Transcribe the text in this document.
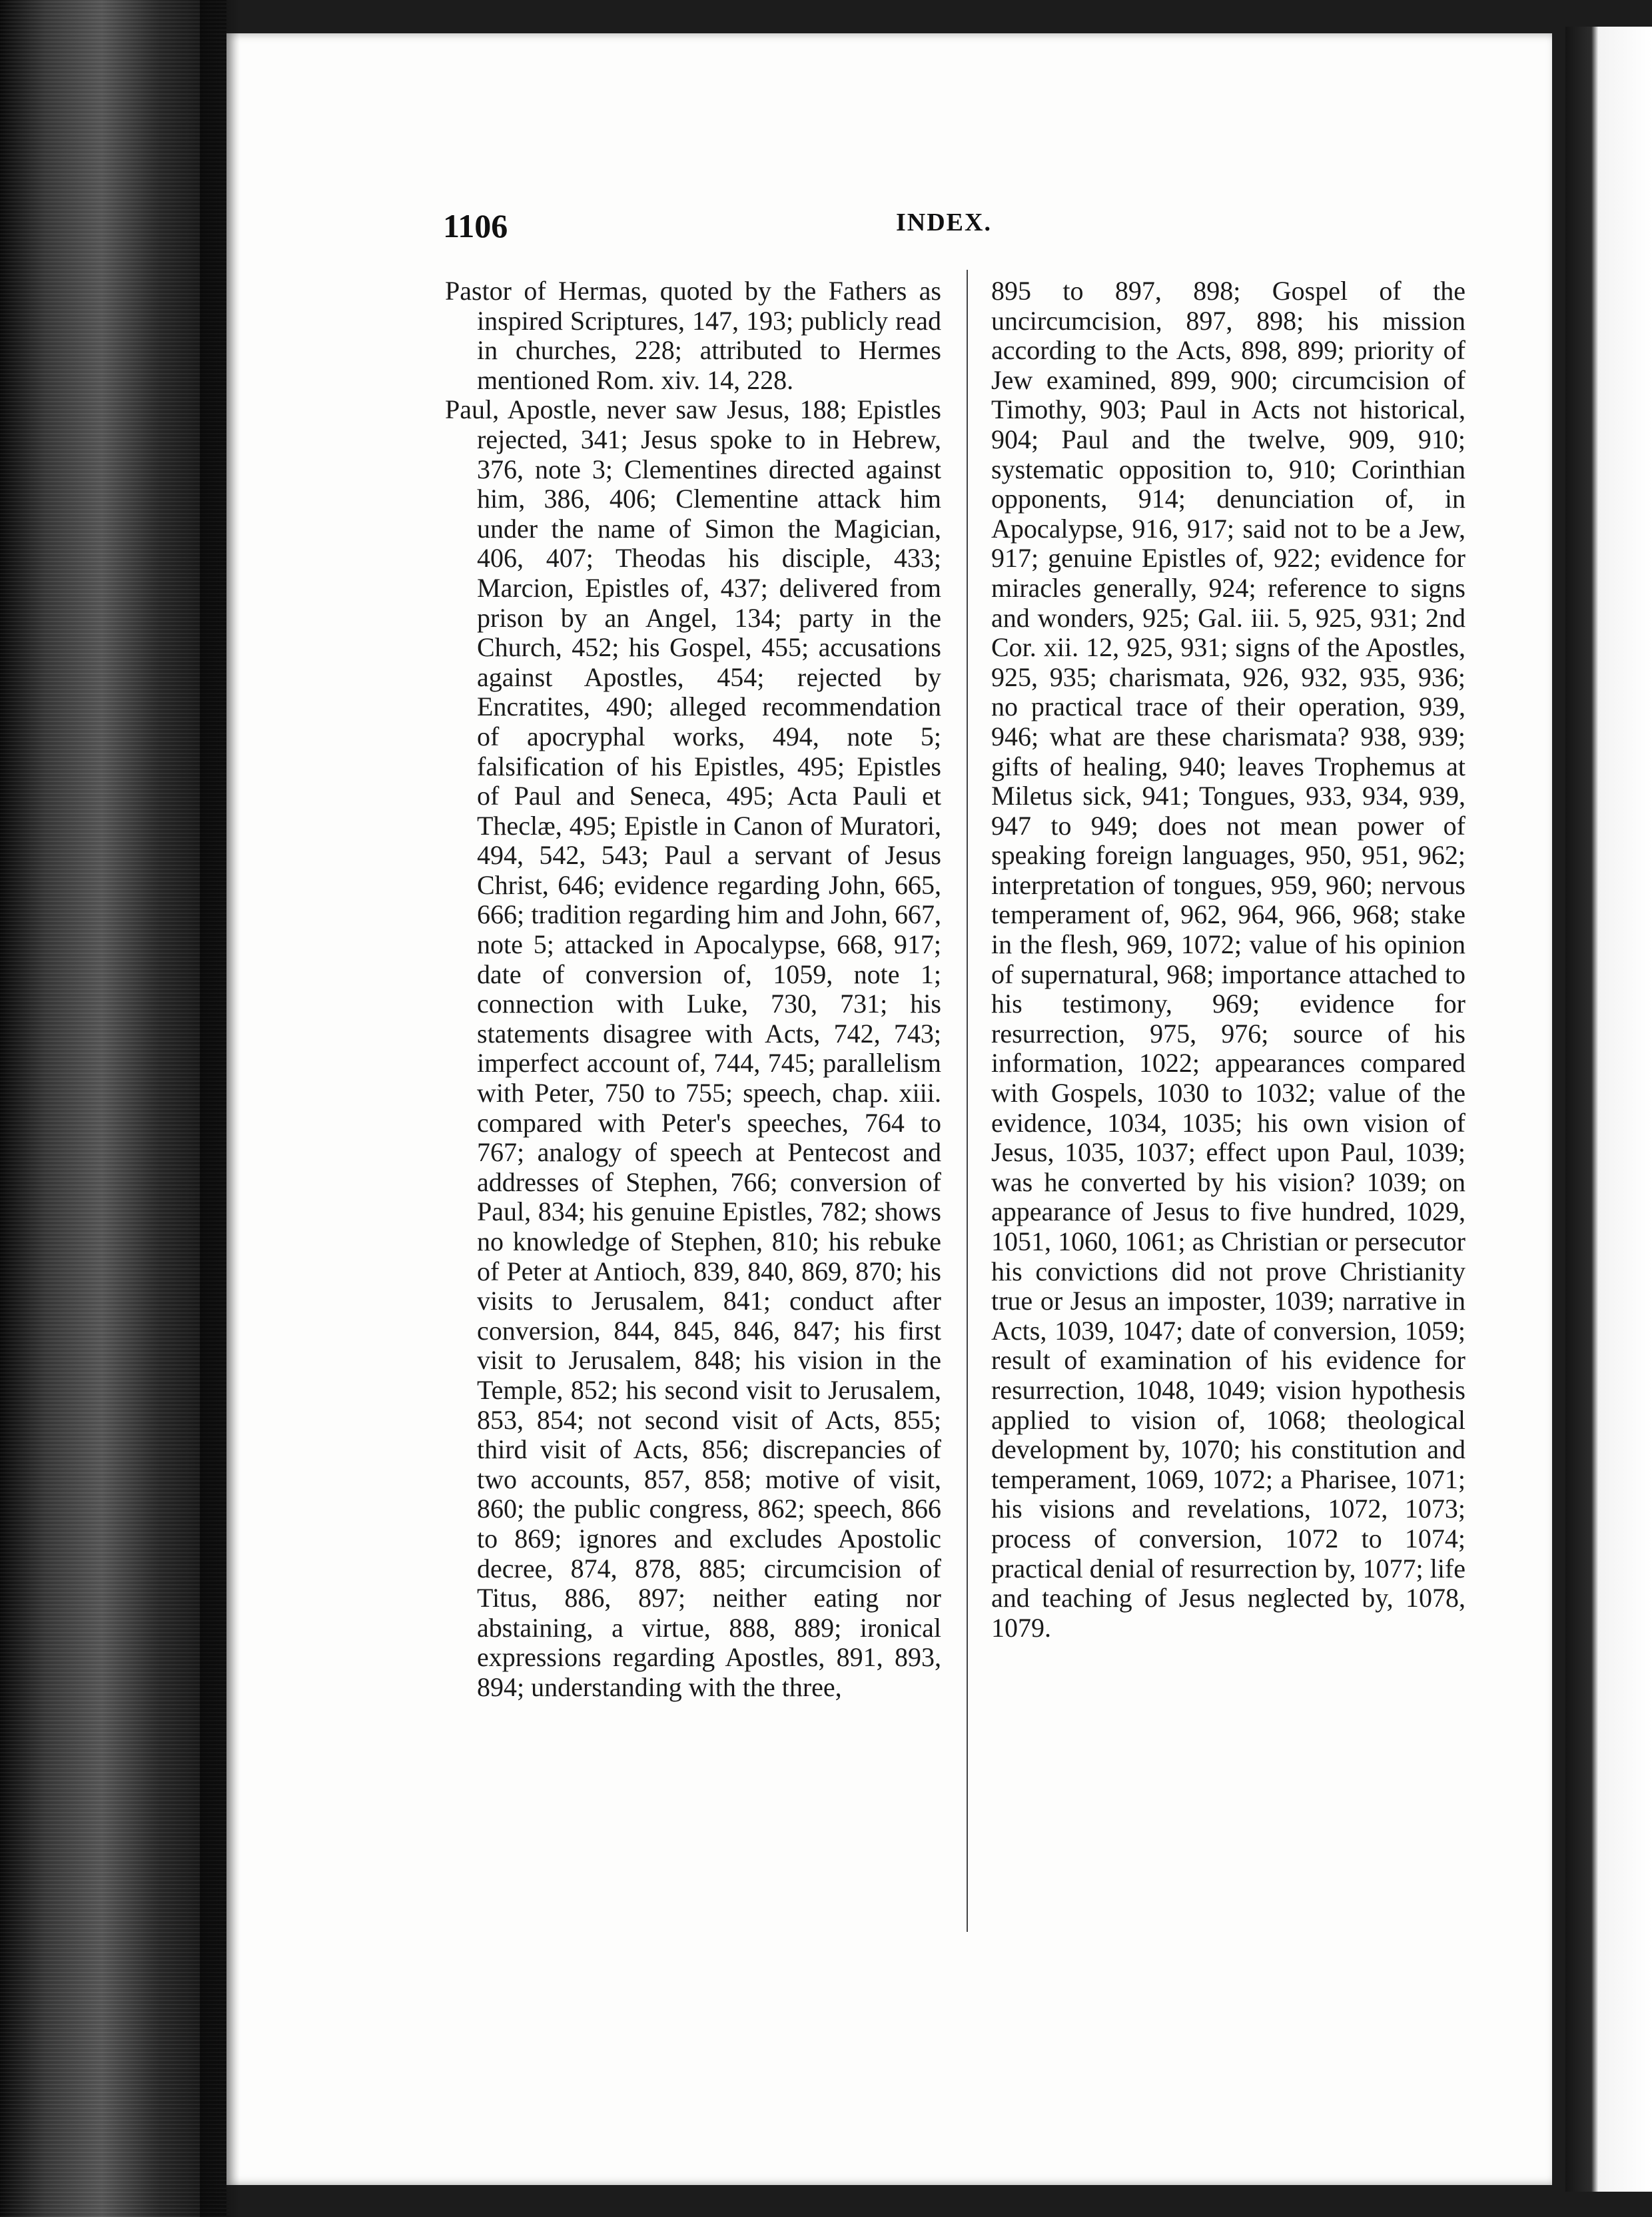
1106	INDEX.

Pastor of Hermas, quoted by the Fathers as inspired Scriptures, 147, 193; publicly read in churches, 228; attributed to Hermes mentioned Rom. xiv. 14, 228.

Paul, Apostle, never saw Jesus, 188; Epistles rejected, 341; Jesus spoke to in Hebrew, 376, note 3; Clementines directed against him, 386, 406; Clementine attack him under the name of Simon the Magician, 406, 407; Theodas his disciple, 433; Marcion, Epistles of, 437; delivered from prison by an Angel, 134; party in the Church, 452; his Gospel, 455; accusations against Apostles, 454; rejected by Encratites, 490; alleged recommendation of apocryphal works, 494, note 5; falsification of his Epistles, 495; Epistles of Paul and Seneca, 495; Acta Pauli et Theclæ, 495; Epistle in Canon of Muratori, 494, 542, 543; Paul a servant of Jesus Christ, 646; evidence regarding John, 665, 666; tradition regarding him and John, 667, note 5; attacked in Apocalypse, 668, 917; date of conversion of, 1059, note 1; connection with Luke, 730, 731; his statements disagree with Acts, 742, 743; imperfect account of, 744, 745; parallelism with Peter, 750 to 755; speech, chap. xiii. compared with Peter's speeches, 764 to 767; analogy of speech at Pentecost and addresses of Stephen, 766; conversion of Paul, 834; his genuine Epistles, 782; shows no knowledge of Stephen, 810; his rebuke of Peter at Antioch, 839, 840, 869, 870; his visits to Jerusalem, 841; conduct after conversion, 844, 845, 846, 847; his first visit to Jerusalem, 848; his vision in the Temple, 852; his second visit to Jerusalem, 853, 854; not second visit of Acts, 855; third visit of Acts, 856; discrepancies of two accounts, 857, 858; motive of visit, 860; the public congress, 862; speech, 866 to 869; ignores and excludes Apostolic decree, 874, 878, 885; circumcision of Titus, 886, 897; neither eating nor abstaining, a virtue, 888, 889; ironical expressions regarding Apostles, 891, 893, 894; understanding with the three,

895 to 897, 898; Gospel of the uncircumcision, 897, 898; his mission according to the Acts, 898, 899; priority of Jew examined, 899, 900; circumcision of Timothy, 903; Paul in Acts not historical, 904; Paul and the twelve, 909, 910; systematic opposition to, 910; Corinthian opponents, 914; denunciation of, in Apocalypse, 916, 917; said not to be a Jew, 917; genuine Epistles of, 922; evidence for miracles generally, 924; reference to signs and wonders, 925; Gal. iii. 5, 925, 931; 2nd Cor. xii. 12, 925, 931; signs of the Apostles, 925, 935; charismata, 926, 932, 935, 936; no practical trace of their operation, 939, 946; what are these charismata? 938, 939; gifts of healing, 940; leaves Trophemus at Miletus sick, 941; Tongues, 933, 934, 939, 947 to 949; does not mean power of speaking foreign languages, 950, 951, 962; interpretation of tongues, 959, 960; nervous temperament of, 962, 964, 966, 968; stake in the flesh, 969, 1072; value of his opinion of supernatural, 968; importance attached to his testimony, 969; evidence for resurrection, 975, 976; source of his information, 1022; appearances compared with Gospels, 1030 to 1032; value of the evidence, 1034, 1035; his own vision of Jesus, 1035, 1037; effect upon Paul, 1039; was he converted by his vision? 1039; on appearance of Jesus to five hundred, 1029, 1051, 1060, 1061; as Christian or persecutor his convictions did not prove Christianity true or Jesus an imposter, 1039; narrative in Acts, 1039, 1047; date of conversion, 1059; result of examination of his evidence for resurrection, 1048, 1049; vision hypothesis applied to vision of, 1068; theological development by, 1070; his constitution and temperament, 1069, 1072; a Pharisee, 1071; his visions and revelations, 1072, 1073; process of conversion, 1072 to 1074; practical denial of resurrection by, 1077; life and teaching of Jesus neglected by, 1078, 1079.
